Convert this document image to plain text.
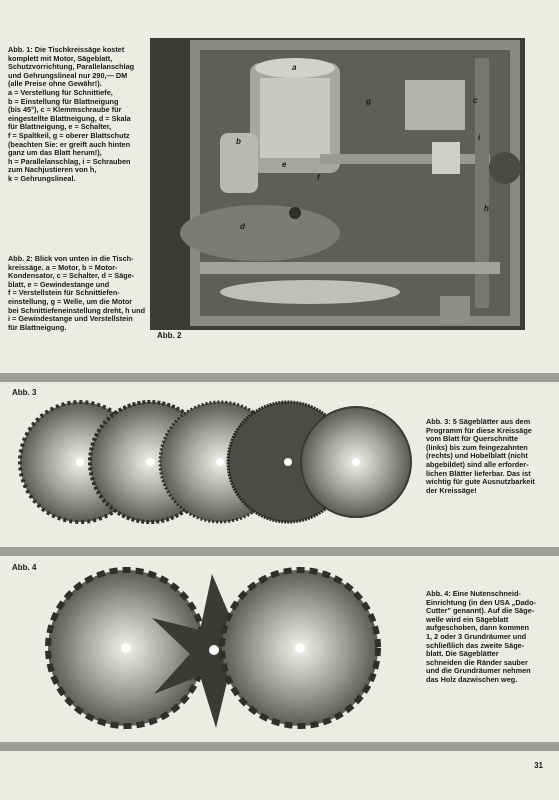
Abb. 1: Die Tischkreissäge kostet
komplett mit Motor, Sägeblatt,
Schutzvorrichtung, Parallelanschlag
und Gehrungslineal nur 290,— DM
(alle Preise ohne Gewähr!).
a = Verstellung für Schnittiefe,
b = Einstellung für Blattneigung
(bis 45°), c = Klemmschraube für
eingestellte Blattneigung, d = Skala
für Blattneigung, e = Schalter,
f = Spaltkeil, g = oberer Blattschutz
(beachten Sie: er greift auch hinten
ganz um das Blatt herum!),
h = Parallelanschlag, i = Schrauben
zum Nachjustieren von h,
k = Gehrungslineal.
Abb. 2: Blick von unten in die Tisch-
kreissäge. a = Motor, b = Motor-
Kondensator, c = Schalter, d = Säge-
blatt, e = Gewindestange und
f = Verstellstein für Schnittiefen-
einstellung, g = Welle, um die Motor
bei Schnittiefeneinstellung dreht, h und
i = Gewindestange und Verstellstein
für Blattneigung.
a
b
c
d
e
f
g
h
i
Abb. 2
Abb. 3
Abb. 3: 5 Sägeblätter aus dem
Programm für diese Kreissäge
vom Blatt für Querschnitte
(links) bis zum feingezahnten
(rechts) und Hobelblatt (nicht
abgebildet) sind alle erforder-
lichen Blätter lieferbar. Das ist
wichtig für gute Ausnutzbarkeit
der Kreissäge!
Abb. 4
Abb. 4: Eine Nutenschneid-
Einrichtung (in den USA „Dado-
Cutter" genannt). Auf die Säge-
welle wird ein Sägeblatt
aufgeschoben, dann kommen
1, 2 oder 3 Grundräumer und
schließlich das zweite Säge-
blatt. Die Sägeblätter
schneiden die Ränder sauber
und die Grundräumer nehmen
das Holz dazwischen weg.
31
